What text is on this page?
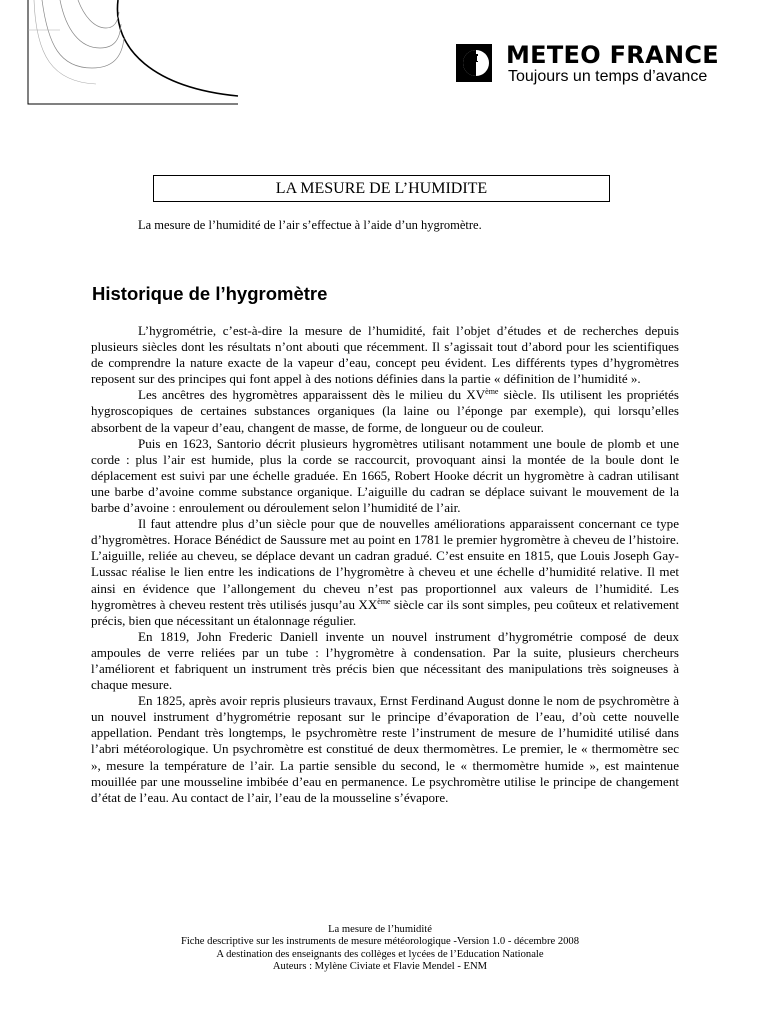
METEO FRANCE
Toujours un temps d’avance
LA MESURE DE L’HUMIDITE
La mesure de l’humidité de l’air s’effectue à l’aide d’un hygromètre.
Historique de l’hygromètre

L’hygrométrie, c’est-à-dire la mesure de l’humidité, fait l’objet d’études et de recherches depuis plusieurs siècles dont les résultats n’ont abouti que récemment. Il s’agissait tout d’abord pour les scientifiques de comprendre la nature exacte de la vapeur d’eau, concept peu évident. Les différents types d’hygromètres reposent sur des principes qui font appel à des notions définies dans la partie « définition de l’humidité ».

Les ancêtres des hygromètres apparaissent dès le milieu du XVème siècle. Ils utilisent les propriétés hygroscopiques de certaines substances organiques (la laine ou l’éponge par exemple), qui lorsqu’elles absorbent de la vapeur d’eau, changent de masse, de forme, de longueur ou de couleur.

Puis en 1623, Santorio décrit plusieurs hygromètres utilisant notamment une boule de plomb et une corde : plus l’air est humide, plus la corde se raccourcit, provoquant ainsi la montée de la boule dont le déplacement est suivi par une échelle graduée. En 1665, Robert Hooke décrit un hygromètre à cadran utilisant une barbe d’avoine comme substance organique. L’aiguille du cadran se déplace suivant le mouvement de la barbe d’avoine : enroulement ou déroulement selon l’humidité de l’air.

Il faut attendre plus d’un siècle pour que de nouvelles améliorations apparaissent concernant ce type d’hygromètres. Horace Bénédict de Saussure met au point en 1781 le premier hygromètre à cheveu de l’histoire. L’aiguille, reliée au cheveu, se déplace devant un cadran gradué. C’est ensuite en 1815, que Louis Joseph Gay-Lussac réalise le lien entre les indications de l’hygromètre à cheveu et une échelle d’humidité relative. Il met ainsi en évidence que l’allongement du cheveu n’est pas proportionnel aux valeurs de l’humidité. Les hygromètres à cheveu restent très utilisés jusqu’au XXème siècle car ils sont simples, peu coûteux et relativement précis, bien que nécessitant un étalonnage régulier.

En 1819, John Frederic Daniell invente un nouvel instrument d’hygrométrie composé de deux ampoules de verre reliées par un tube : l’hygromètre à condensation. Par la suite, plusieurs chercheurs l’améliorent et fabriquent un instrument très précis bien que nécessitant des manipulations très soigneuses à chaque mesure.

En 1825, après avoir repris plusieurs travaux, Ernst Ferdinand August donne le nom de psychromètre à un nouvel instrument d’hygrométrie reposant sur le principe d’évaporation de l’eau, d’où cette nouvelle appellation. Pendant très longtemps, le psychromètre reste l’instrument de mesure de l’humidité utilisé dans l’abri météorologique. Un psychromètre est constitué de deux thermomètres. Le premier, le « thermomètre sec », mesure la température de l’air. La partie sensible du second, le « thermomètre humide », est maintenue mouillée par une mousseline imbibée d’eau en permanence. Le psychromètre utilise le principe de changement d’état de l’eau. Au contact de l’air, l’eau de la mousseline s’évapore.

La mesure de l’humidité
Fiche descriptive sur les instruments de mesure météorologique -Version 1.0 - décembre 2008
A destination des enseignants des collèges et lycées de l’Education Nationale
Auteurs : Mylène Civiate et Flavie Mendel - ENM
